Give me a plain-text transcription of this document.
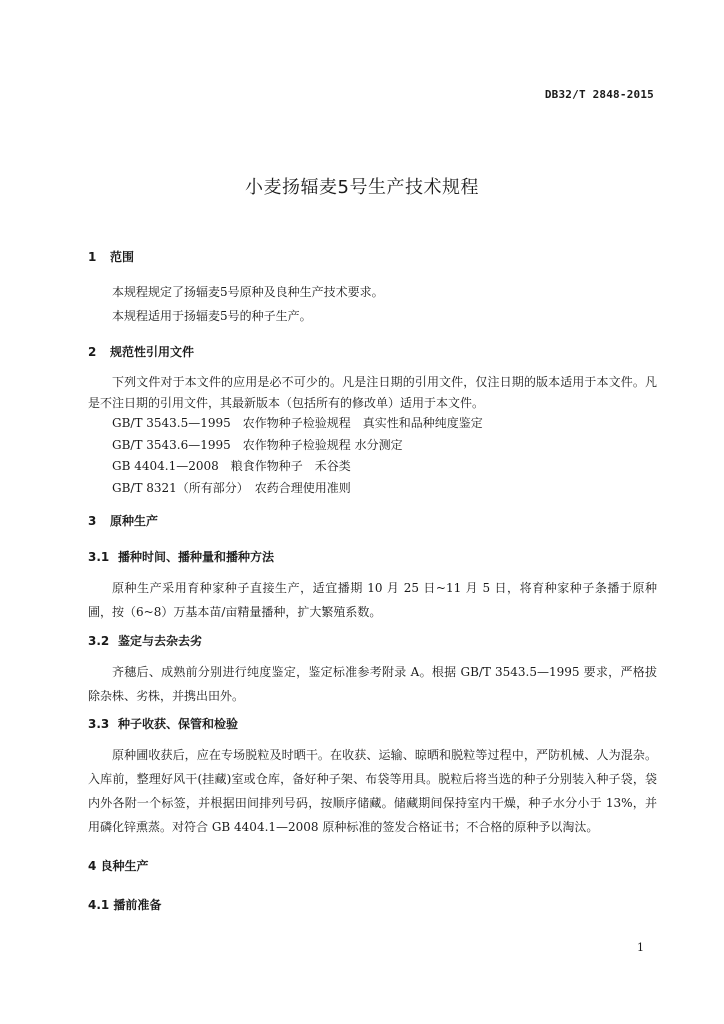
DB32/T 2848-2015
小麦扬辐麦5号生产技术规程
1 范围

本规程规定了扬辐麦5号原种及良种生产技术要求。

本规程适用于扬辐麦5号的种子生产。

2 规范性引用文件

下列文件对于本文件的应用是必不可少的。凡是注日期的引用文件，仅注日期的版本适用于本文件。凡是不注日期的引用文件，其最新版本（包括所有的修改单）适用于本文件。

GB/T 3543.5—1995　农作物种子检验规程　真实性和品种纯度鉴定
GB/T 3543.6—1995　农作物种子检验规程 水分测定
GB 4404.1—2008　粮食作物种子　禾谷类
GB/T 8321（所有部分）　农药合理使用准则
3 原种生产
3.1 播种时间、播种量和播种方法

原种生产采用育种家种子直接生产，适宜播期 10 月 25 日~11 月 5 日，将育种家种子条播于原种圃，按（6~8）万基本苗/亩精量播种，扩大繁殖系数。

3.2 鉴定与去杂去劣

齐穗后、成熟前分别进行纯度鉴定，鉴定标准参考附录 A。根据 GB/T 3543.5—1995 要求，严格拔除杂株、劣株，并携出田外。

3.3 种子收获、保管和检验

原种圃收获后，应在专场脱粒及时晒干。在收获、运输、晾晒和脱粒等过程中，严防机械、人为混杂。入库前，整理好风干(挂藏)室或仓库，备好种子架、布袋等用具。脱粒后将当选的种子分别装入种子袋，袋内外各附一个标签，并根据田间排列号码，按顺序储藏。储藏期间保持室内干燥，种子水分小于 13%，并用磷化锌熏蒸。对符合 GB 4404.1—2008 原种标准的签发合格证书；不合格的原种予以淘汰。

4 良种生产
4.1 播前准备
1
